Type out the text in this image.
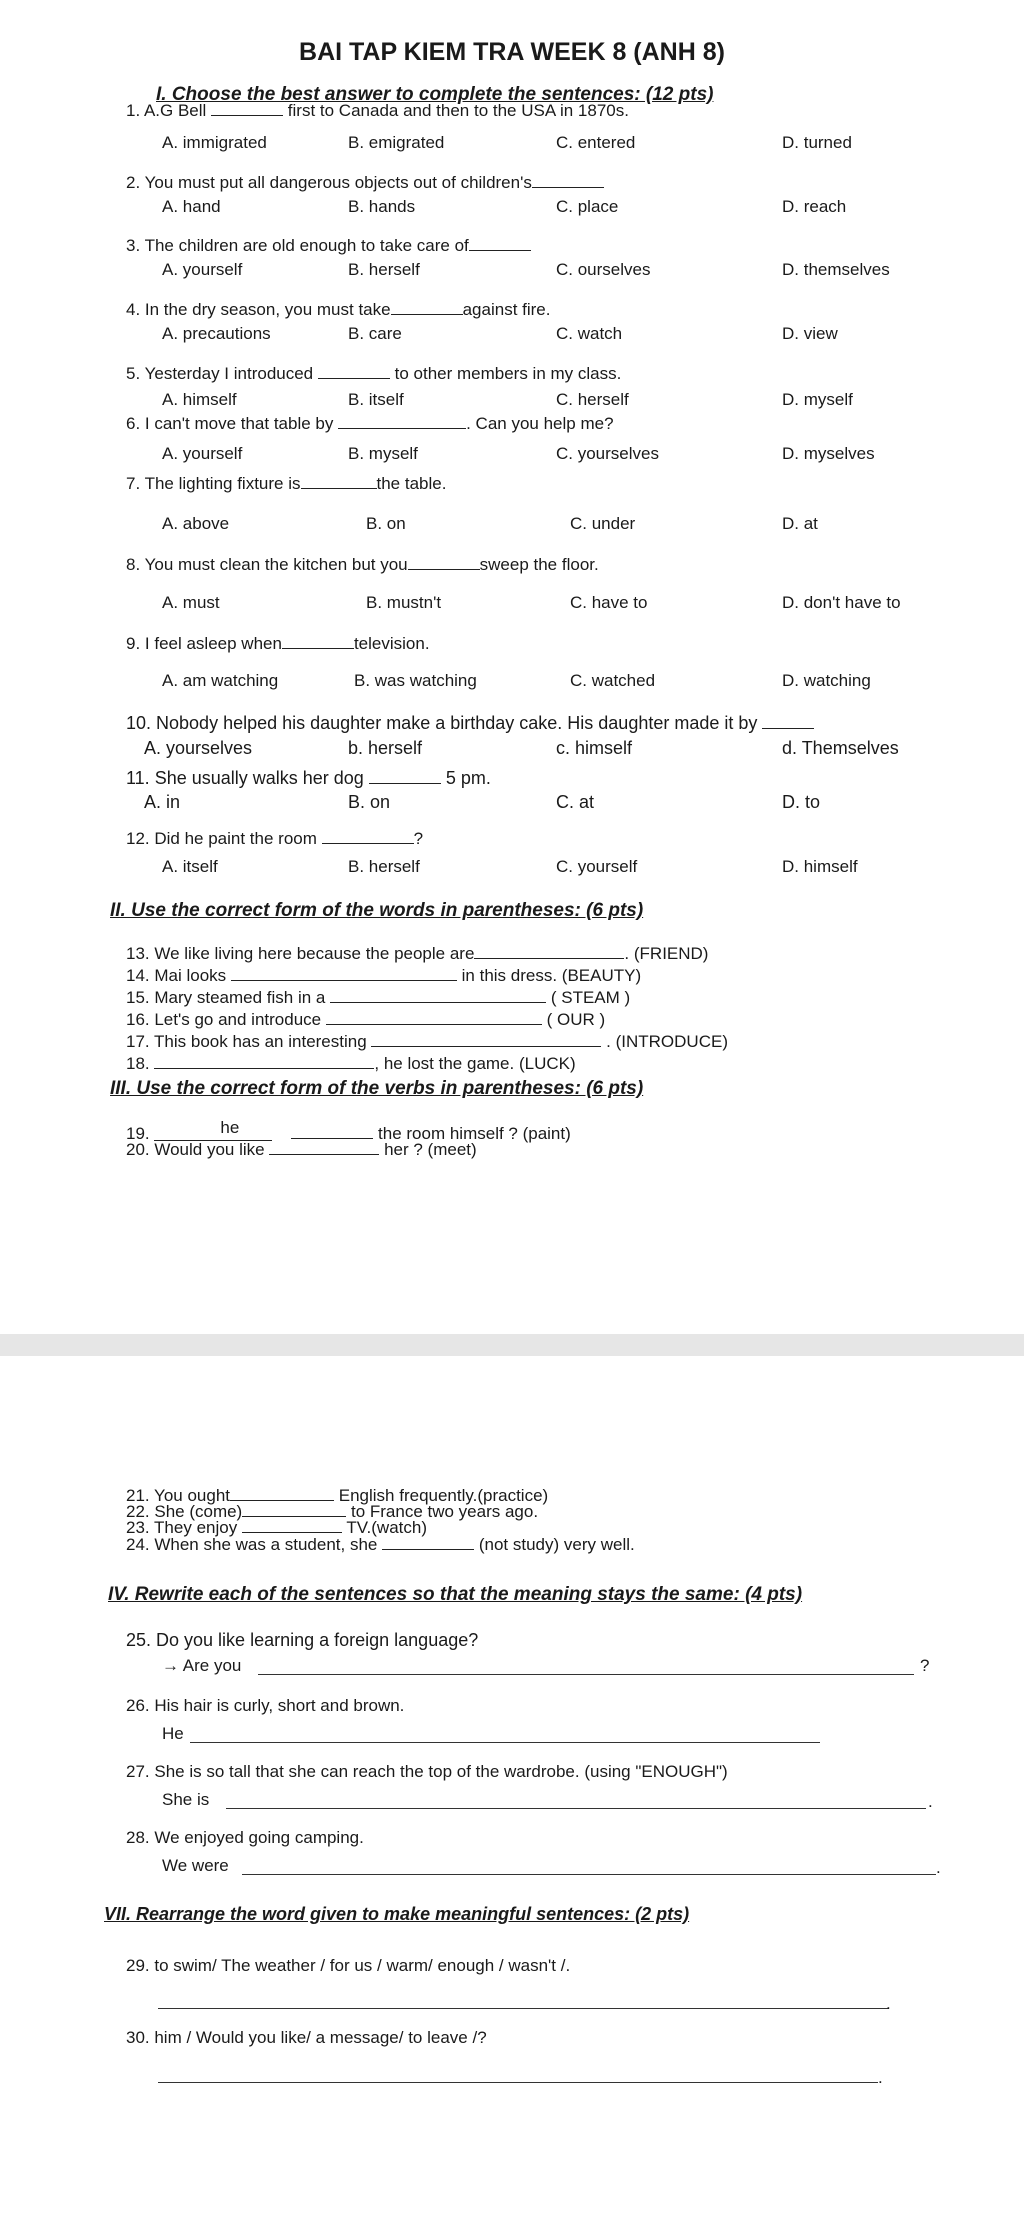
BAI TAP KIEM TRA WEEK 8 (ANH 8)
I. Choose the best answer to complete the sentences: (12 pts)
1. A.G Bell	first to Canada and then to the USA in 1870s.
A. immigrated	B. emigrated	C. entered	D. turned
2. You must put all dangerous objects out of children's
A. hand	B. hands	C. place	D. reach
3. The children are old enough to take care of
A. yourself	B. herself	C. ourselves	D. themselves
4. In the dry season, you must take	against fire.
A. precautions	B. care	C. watch	D. view
5. Yesterday I introduced	to other members in my class.
A. himself	B. itself	C. herself	D. myself
6. I can't move that table by	. Can you help me?
A. yourself	B. myself	C. yourselves	D. myselves
7. The lighting fixture is	the table.
A. above	B. on	C. under	D. at
8. You must clean the kitchen but you	sweep the floor.
A. must	B. mustn't	C. have to	D. don't have to
9. I feel asleep when	television.
A. am watching	B. was watching	C. watched	D. watching
10. Nobody helped his daughter make a birthday cake. His daughter made it by
A. yourselves	b. herself	c. himself	d. Themselves
11. She usually walks her dog	5 pm.
A. in	B. on	C. at	D. to
12. Did he paint the room	?
A. itself	B. herself	C. yourself	D. himself
II. Use the correct form of the words in parentheses: (6 pts)
13. We like living here because the people are	. (FRIEND)
14. Mai looks	in this dress. (BEAUTY)
15. Mary steamed fish in a	( STEAM )
16. Let's go and introduce	( OUR )
17. This book has an interesting	. (INTRODUCE)
18.	, he lost the game. (LUCK)
III. Use the correct form of the verbs in parentheses: (6 pts)
19.	he	the room himself ? (paint)
20. Would you like	her ? (meet)
21. You ought	English frequently.(practice)
22. She (come)	to France two years ago.
23. They enjoy	TV.(watch)
24. When she was a student, she	(not study) very well.
IV. Rewrite each of the sentences so that the meaning stays the same: (4 pts)
25. Do you like learning a foreign language?
→ Are you	?
26. His hair is curly, short and brown.
He
27. She is so tall that she can reach the top of the wardrobe. (using "ENOUGH")
She is	.
28. We enjoyed going camping.
We were	.
VII. Rearrange the word given to make meaningful sentences: (2 pts)
29. to swim/ The weather / for us / warm/ enough / wasn't /.
.
30. him / Would you like/ a message/ to leave /?
.
